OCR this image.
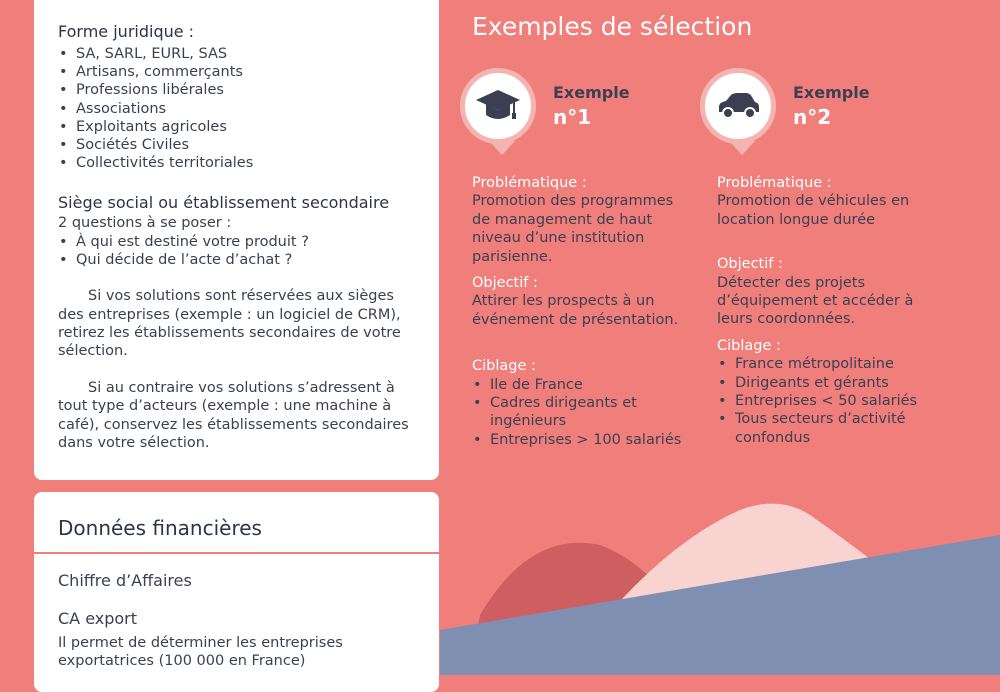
Forme juridique :

• SA, SARL, EURL, SAS
• Artisans, commerçants
• Professions libérales
• Associations
• Exploitants agricoles
• Sociétés Civiles
• Collectivités territoriales

Siège social ou établissement secondaire

2 questions à se poser :

• À qui est destiné votre produit ?
• Qui décide de l’acte d’achat ?

Si vos solutions sont réservées aux sièges des entreprises (exemple : un logiciel de CRM), retirez les établissements secondaires de votre sélection.

Si au contraire vos solutions s’adressent à tout type d’acteurs (exemple : une machine à café), conservez les établissements secondaires dans votre sélection.

Données financières

Chiffre d’Affaires

CA export

Il permet de déterminer les entreprises exportatrices (100 000 en France)

Exemples de sélection
Exemple
n°1

Problématique :

Promotion des programmes de management de haut niveau d’une institution parisienne.

Objectif :

Attirer les prospects à un événement de présentation.

Ciblage :

• Ile de France
• Cadres dirigeants et ingénieurs
• Entreprises > 100 salariés
Exemple
n°2

Problématique :

Promotion de véhicules en location longue durée

Objectif :

Détecter des projets d’équipement et accéder à leurs coordonnées.

Ciblage :

• France métropolitaine
• Dirigeants et gérants
• Entreprises < 50 salariés
• Tous secteurs d’activité confondus
